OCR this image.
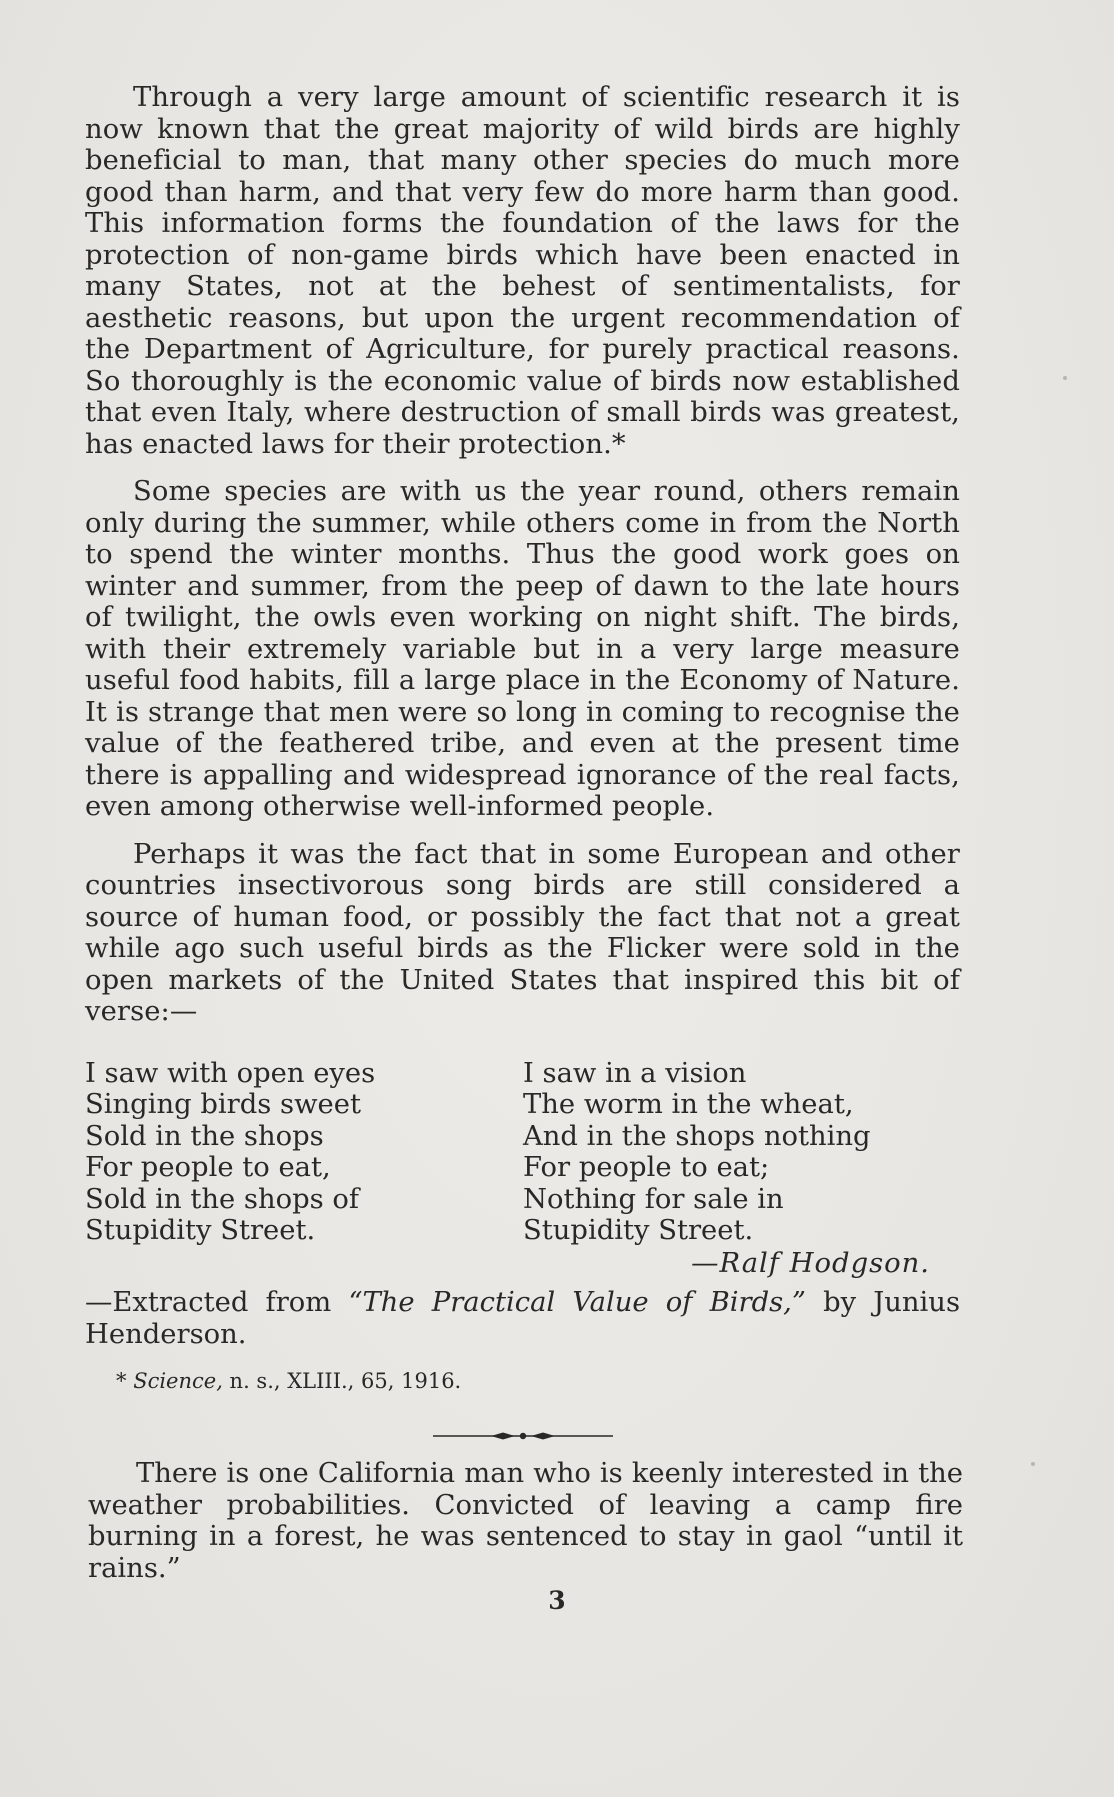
Through a very large amount of scientific research it is now known that the great majority of wild birds are highly beneficial to man, that many other species do much more good than harm, and that very few do more harm than good. This information forms the foundation of the laws for the protection of non-game birds which have been enacted in many States, not at the behest of sentimentalists, for aesthetic reasons, but upon the urgent recommendation of the Department of Agriculture, for purely practical reasons. So thoroughly is the economic value of birds now established that even Italy, where destruction of small birds was greatest, has enacted laws for their protection.*

Some species are with us the year round, others remain only during the summer, while others come in from the North to spend the winter months. Thus the good work goes on winter and summer, from the peep of dawn to the late hours of twilight, the owls even working on night shift. The birds, with their extremely variable but in a very large measure useful food habits, fill a large place in the Economy of Nature. It is strange that men were so long in coming to recognise the value of the feathered tribe, and even at the present time there is appalling and widespread ignorance of the real facts, even among otherwise well-informed people.

Perhaps it was the fact that in some European and other countries insectivorous song birds are still considered a source of human food, or possibly the fact that not a great while ago such useful birds as the Flicker were sold in the open markets of the United States that inspired this bit of verse:—

I saw with open eyes
Singing birds sweet
Sold in the shops
For people to eat,
Sold in the shops of
Stupidity Street.
I saw in a vision
The worm in the wheat,
And in the shops nothing
For people to eat;
Nothing for sale in
Stupidity Street.
—Ralf Hodgson.
—Extracted from “The Practical Value of Birds,” by Junius Henderson.
* Science, n. s., XLIII., 65, 1916.

There is one California man who is keenly interested in the weather probabilities. Convicted of leaving a camp fire burning in a forest, he was sentenced to stay in gaol “until it rains.”

3
